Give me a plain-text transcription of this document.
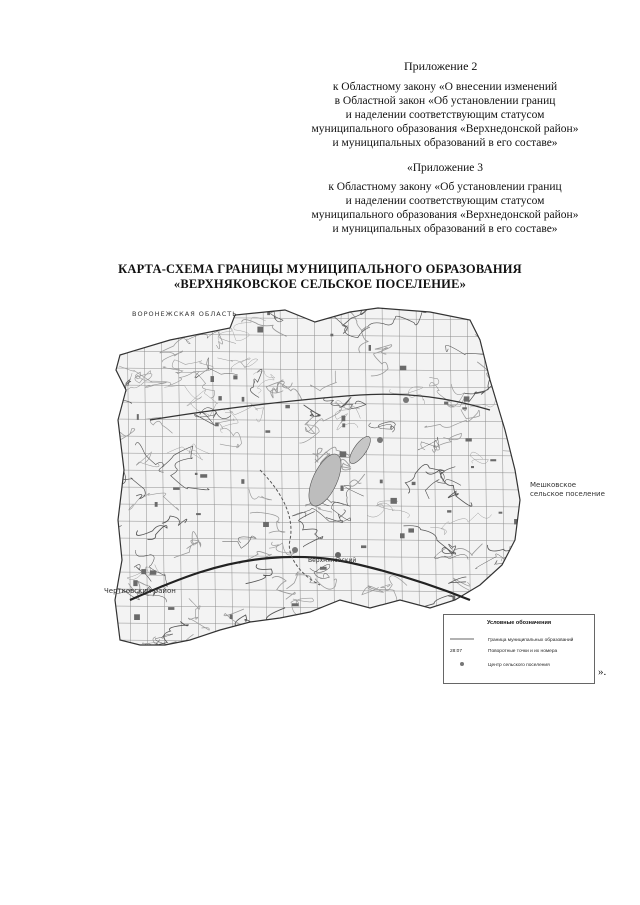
Приложение 2
к Областному закону «О внесении изменений
в Областной закон «Об установлении границ
и наделении соответствующим статусом
муниципального образования «Верхнедонской район»
и муниципальных образований в его составе»
«Приложение 3
к Областному закону «Об установлении границ
и наделении соответствующим статусом
муниципального образования «Верхнедонской район»
и муниципальных образований в его составе»
КАРТА-СХЕМА ГРАНИЦЫ МУНИЦИПАЛЬНОГО ОБРАЗОВАНИЯ
«ВЕРХНЯКОВСКОЕ СЕЛЬСКОЕ ПОСЕЛЕНИЕ»
ВОРОНЕЖСКАЯ ОБЛАСТЬ
Верхняковский
Чертковский район
Мешковское
сельское поселение
Условные обозначения
Граница муниципальных образований
28:07	Поворотные точки и их номера
Центр сельского поселения
».
